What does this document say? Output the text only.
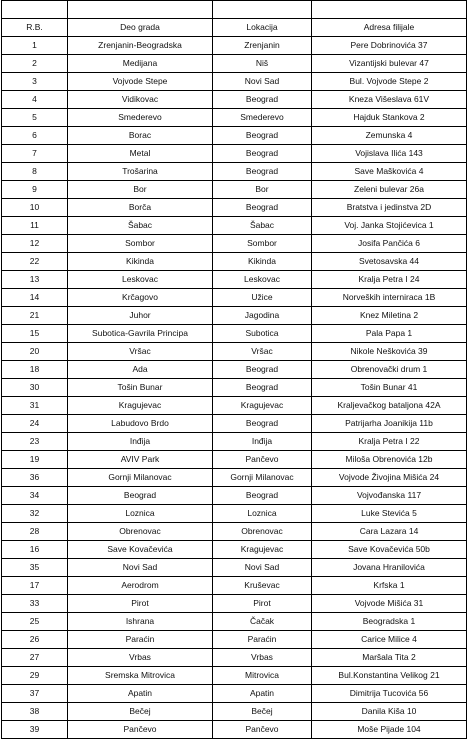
R.B.	Deo grada	Lokacija	Adresa filijale
1	Zrenjanin-Beogradska	Zrenjanin	Pere Dobrinovića 37
2	Medijana	Niš	Vizantijski bulevar 47
3	Vojvode Stepe	Novi Sad	Bul. Vojvode Stepe 2
4	Vidikovac	Beograd	Kneza Višeslava 61V
5	Smederevo	Smederevo	Hajduk Stankova 2
6	Borac	Beograd	Zemunska 4
7	Metal	Beograd	Vojislava Ilića 143
8	Trošarina	Beograd	Save Maškovića 4
9	Bor	Bor	Zeleni bulevar 26a
10	Borča	Beograd	Bratstva i jedinstva 2D
11	Šabac	Šabac	Voj. Janka Stojićevica 1
12	Sombor	Sombor	Josifa Pančića 6
22	Kikinda	Kikinda	Svetosavska 44
13	Leskovac	Leskovac	Kralja Petra I 24
14	Krčagovo	Užice	Norveških interniraca 1B
21	Juhor	Jagodina	Knez Miletina 2
15	Subotica-Gavrila Principa	Subotica	Pala Papa 1
20	Vršac	Vršac	Nikole Neškovića 39
18	Ada	Beograd	Obrenovački drum 1
30	Tošin Bunar	Beograd	Tošin Bunar 41
31	Kragujevac	Kragujevac	Kraljevačkog bataljona 42A
24	Labudovo Brdo	Beograd	Patrijarha Joanikija 11b
23	Inđija	Inđija	Kralja Petra I 22
19	AVIV Park	Pančevo	Miloša Obrenovića 12b
36	Gornji Milanovac	Gornji Milanovac	Vojvode Živojina Mišića 24
34	Beograd	Beograd	Vojvođanska 117
32	Loznica	Loznica	Luke Stevića 5
28	Obrenovac	Obrenovac	Cara Lazara 14
16	Save Kovačevića	Kragujevac	Save Kovačevića 50b
35	Novi Sad	Novi Sad	Jovana Hranilovića
17	Aerodrom	Kruševac	Krfska 1
33	Pirot	Pirot	Vojvode Mišića 31
25	Ishrana	Čačak	Beogradska 1
26	Paraćin	Paraćin	Carice Milice 4
27	Vrbas	Vrbas	Maršala Tita 2
29	Sremska Mitrovica	Mitrovica	Bul.Konstantina Velikog 21
37	Apatin	Apatin	Dimitrija Tucovića 56
38	Bečej	Bečej	Danila Kiša 10
39	Pančevo	Pančevo	Moše Pijade 104
